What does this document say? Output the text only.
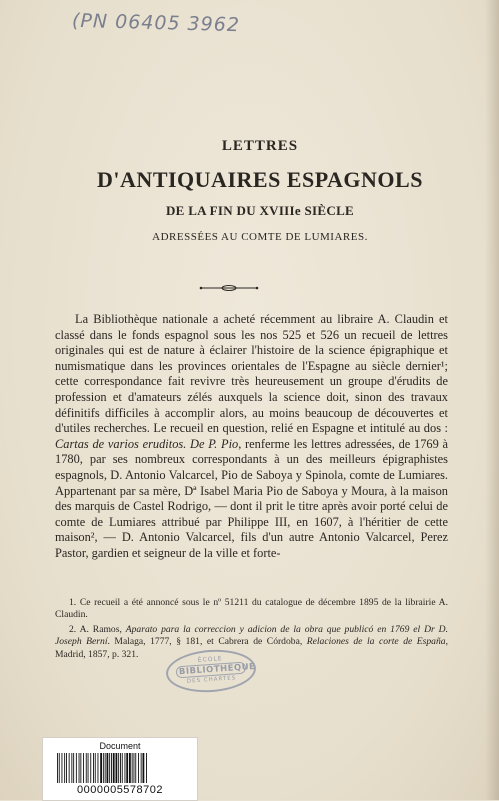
(PN 06405 3962
LETTRES
D'ANTIQUAIRES ESPAGNOLS
DE LA FIN DU XVIIIe SIÈCLE
ADRESSÉES AU COMTE DE LUMIARES.

La Bibliothèque nationale a acheté récemment au libraire A. Claudin et classé dans le fonds espagnol sous les nos 525 et 526 un recueil de lettres originales qui est de nature à éclairer l'histoire de la science épigraphique et numismatique dans les provinces orientales de l'Espagne au siècle dernier¹; cette correspondance fait revivre très heureusement un groupe d'érudits de profession et d'amateurs zélés auxquels la science doit, sinon des travaux définitifs difficiles à accomplir alors, au moins beaucoup de découvertes et d'utiles recherches. Le recueil en question, relié en Espagne et intitulé au dos : Cartas de varios eruditos. De P. Pio, renferme les lettres adressées, de 1769 à 1780, par ses nombreux correspondants à un des meilleurs épigraphistes espagnols, D. Antonio Valcarcel, Pio de Saboya y Spinola, comte de Lumiares. Appartenant par sa mère, Dª Isabel Maria Pio de Saboya y Moura, à la maison des marquis de Castel Rodrigo, — dont il prit le titre après avoir porté celui de comte de Lumiares attribué par Philippe III, en 1607, à l'héritier de cette maison², — D. Antonio Valcarcel, fils d'un autre Antonio Valcarcel, Perez Pastor, gardien et seigneur de la ville et forte-

1. Ce recueil a été annoncé sous le nº 51211 du catalogue de décembre 1895 de la librairie A. Claudin.

2. A. Ramos, Aparato para la correccion y adicion de la obra que publicó en 1769 el Dr D. Joseph Berní. Malaga, 1777, § 181, et Cabrera de Córdoba, Relaciones de la corte de España, Madrid, 1857, p. 321.	ÉCOLE
BIBLIOTHÈQUE
DES CHARTES
Document
0000005578702
